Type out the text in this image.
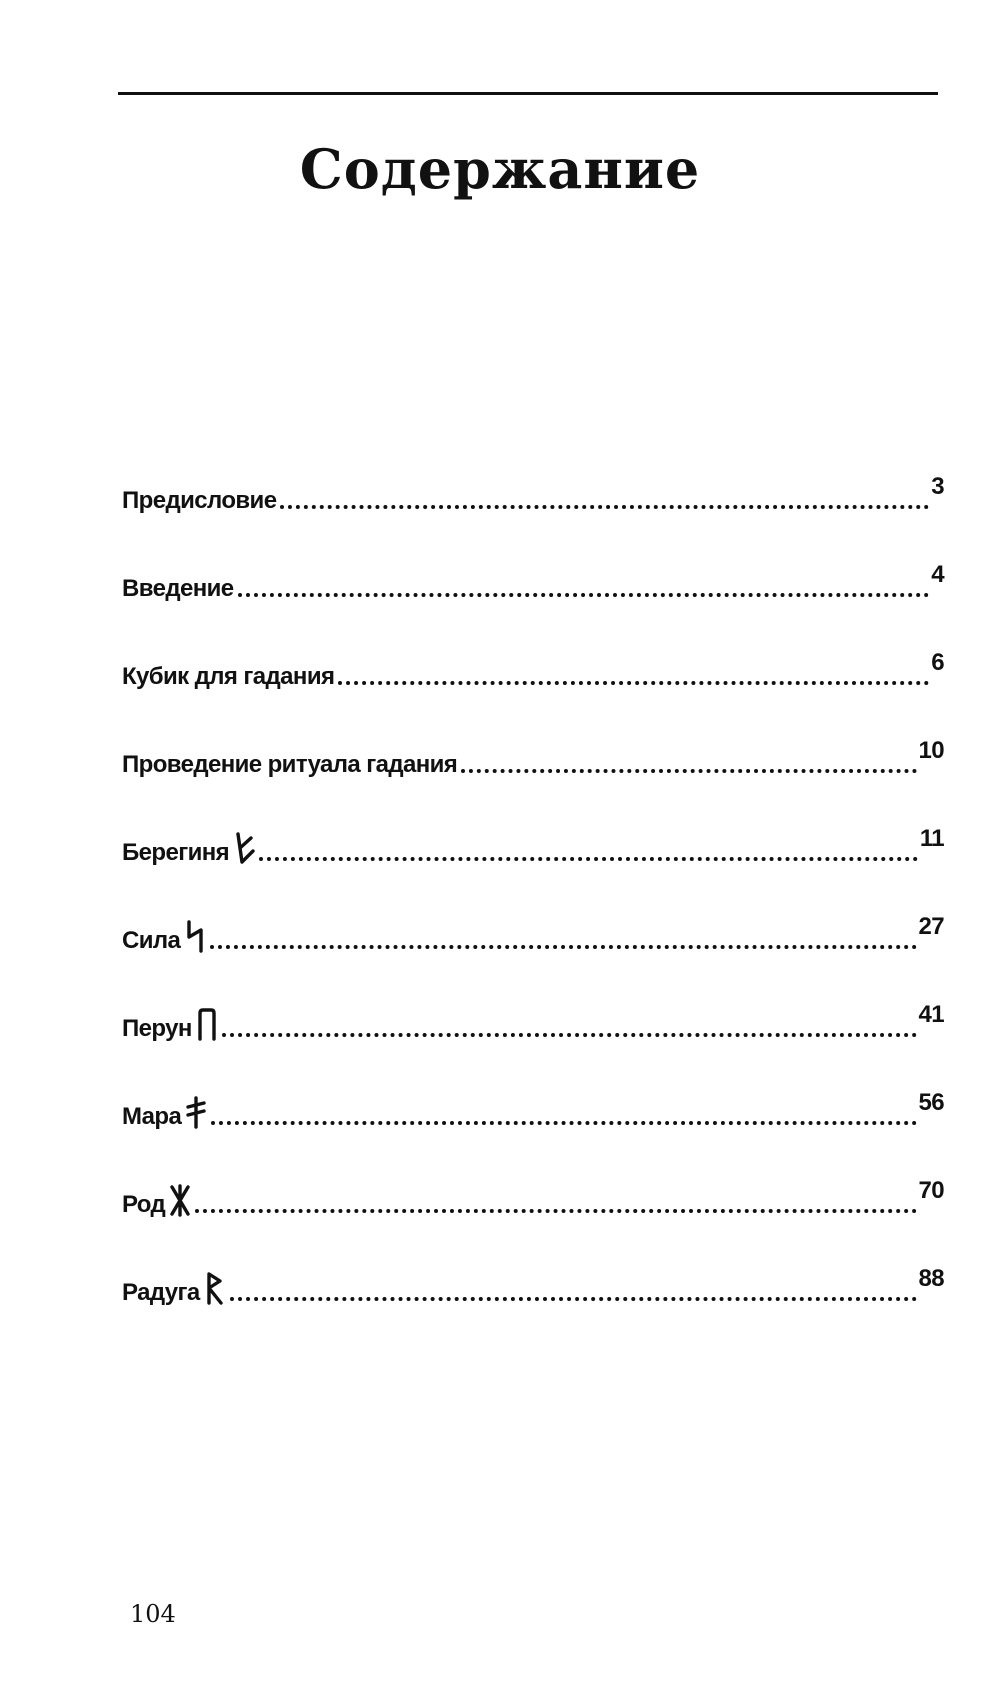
Содержание
Предисловие
3
Введение
4
Кубик для гадания
6
Проведение ритуала гадания
10
Берегиня
11
Сила
27
Перун
41
Мара
56
Род
70
Радуга
88

104
